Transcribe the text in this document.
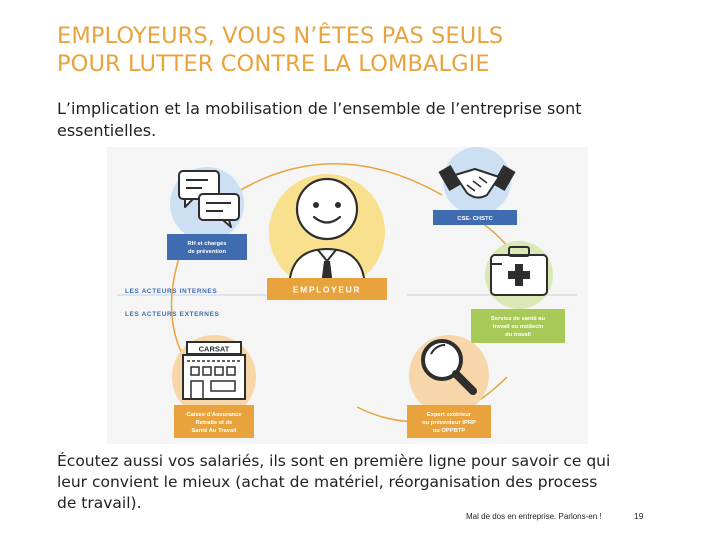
EMPLOYEURS, VOUS N’ÊTES PAS SEULS
POUR LUTTER CONTRE LA LOMBALGIE
L’implication et la mobilisation de l’ensemble de l’entreprise sont
essentielles.
RH et chargés
de prévention
EMPLOYEUR
CSE- CHSTC
Service de santé au
travail ou médecin
du travail
LES ACTEURS INTERNES
LES ACTEURS EXTERNES
CARSAT
Caisse d’Assurance
Retraite et de
Santé Au Travail
Expert extérieur
ou préventeur IPRP
ou OPPBTP
Écoutez aussi vos salariés, ils sont en première ligne pour savoir ce qui
leur convient le mieux (achat de matériel, réorganisation des process
de travail).
Mal de dos en entreprise. Parlons-en !	19
